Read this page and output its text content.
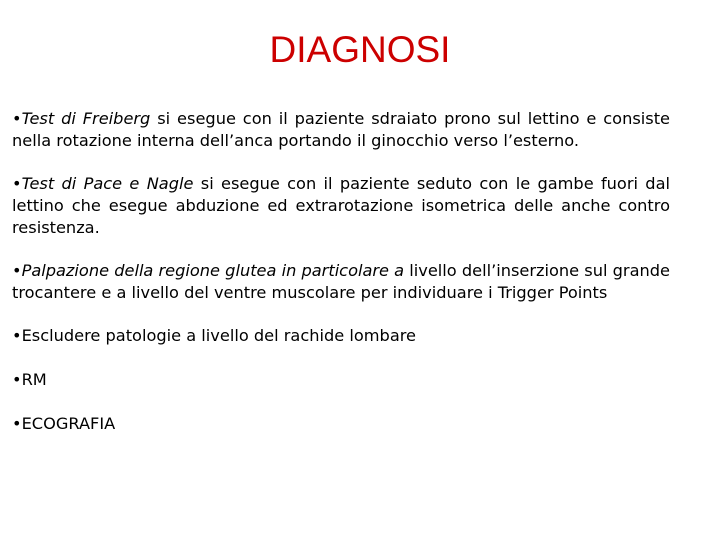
DIAGNOSI

•Test di Freiberg si esegue con il paziente sdraiato prono sul lettino e consiste nella rotazione interna dell’anca portando il ginocchio verso l’esterno.

•Test di Pace e Nagle si esegue con il paziente seduto con le gambe fuori dal lettino che esegue abduzione ed extrarotazione isometrica delle anche contro resistenza.

•Palpazione della regione glutea in particolare a livello dell’inserzione sul grande trocantere e a livello del ventre muscolare per individuare i Trigger Points

•Escludere patologie a livello del rachide lombare

•RM

•ECOGRAFIA
